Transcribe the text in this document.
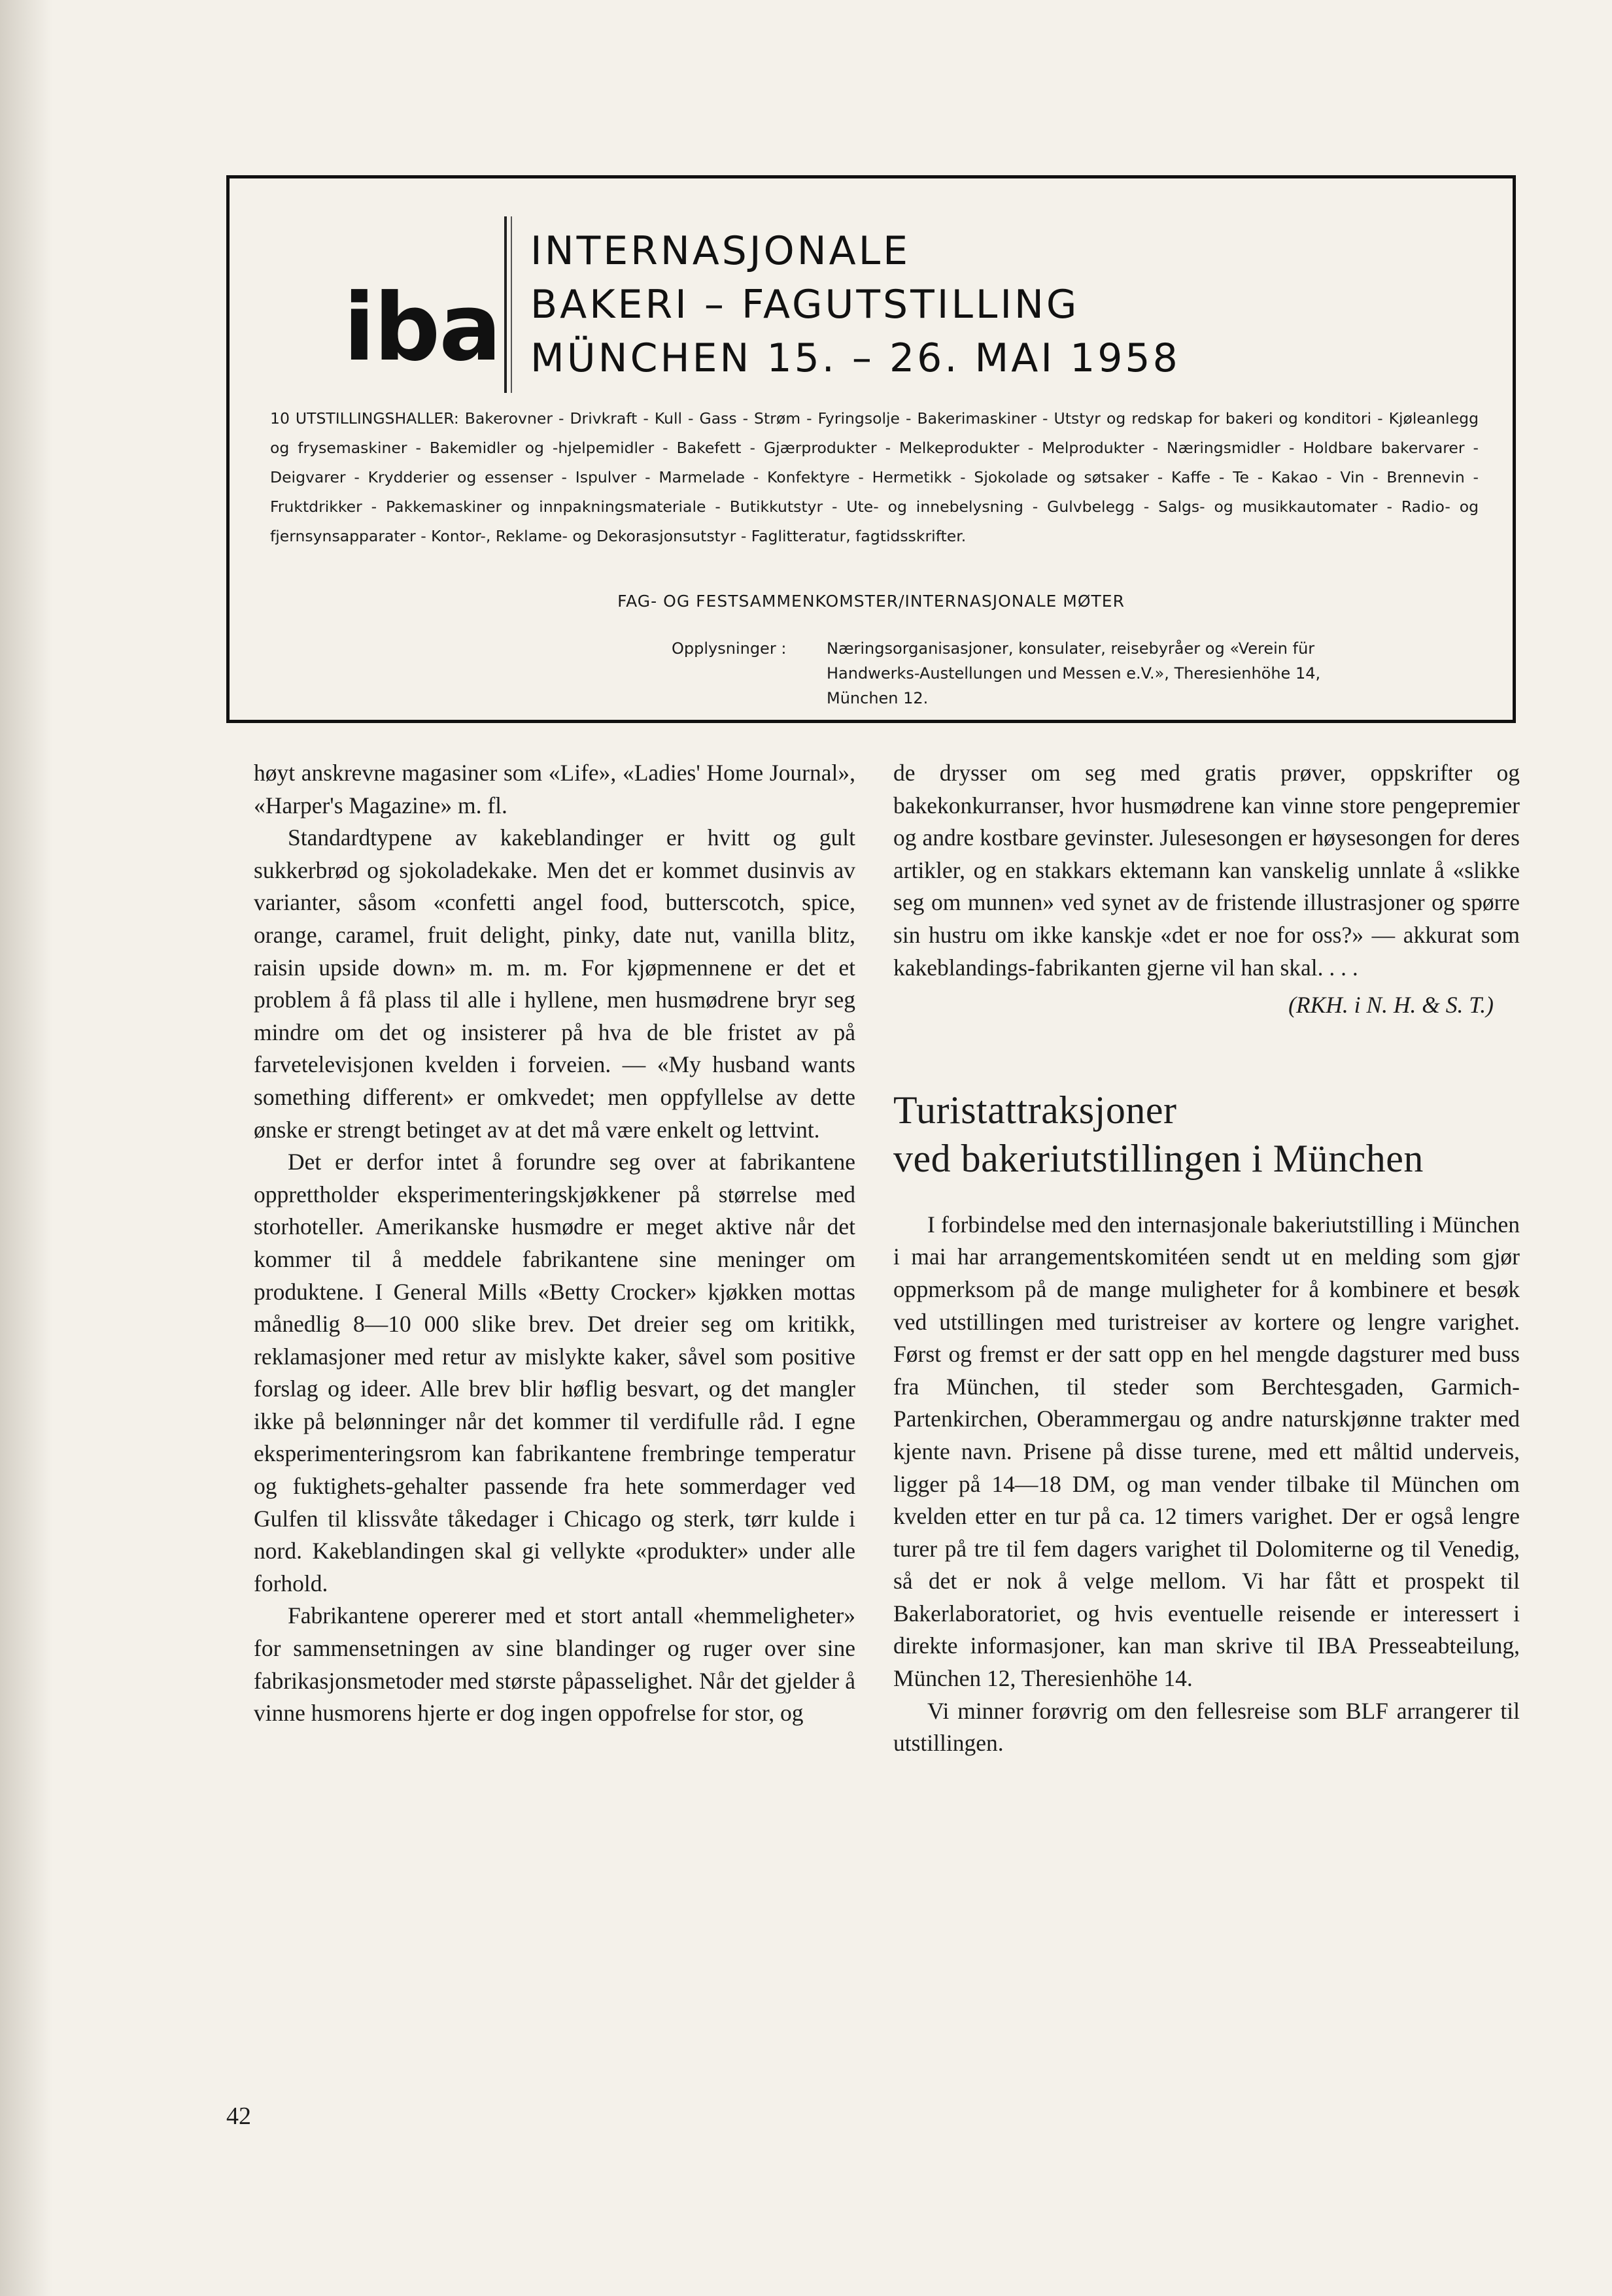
iba
INTERNASJONALE
BAKERI – FAGUTSTILLING
MÜNCHEN 15. – 26. MAI 1958
10 UTSTILLINGSHALLER: Bakerovner - Drivkraft - Kull - Gass - Strøm - Fyringsolje - Bakerimaskiner - Utstyr og redskap for bakeri og konditori - Kjøleanlegg og frysemaskiner - Bakemidler og -hjelpemidler - Bakefett - Gjærprodukter - Melkeprodukter - Melprodukter - Næringsmidler - Holdbare bakervarer - Deigvarer - Krydderier og essenser - Ispulver - Marmelade - Konfektyre - Hermetikk - Sjokolade og søtsaker - Kaffe - Te - Kakao - Vin - Brennevin - Fruktdrikker - Pakkemaskiner og innpakningsmateriale - Butikkutstyr - Ute- og innebelysning - Gulvbelegg - Salgs- og musikkautomater - Radio- og fjernsynsapparater - Kontor-, Reklame- og Dekorasjonsutstyr - Faglitteratur, fagtidsskrifter.
FAG- OG FESTSAMMENKOMSTER/INTERNASJONALE MØTER
Opplysninger :	Næringsorganisasjoner, konsulater, reisebyråer og «Verein für Handwerks-Austellungen und Messen e.V.», Theresienhöhe 14, München 12.

høyt anskrevne magasiner som «Life», «Ladies' Home Journal», «Harper's Magazine» m. fl.

Standardtypene av kakeblandinger er hvitt og gult sukkerbrød og sjokoladekake. Men det er kommet dusinvis av varianter, såsom «confetti angel food, butterscotch, spice, orange, caramel, fruit delight, pinky, date nut, vanilla blitz, raisin upside down» m. m. m. For kjøpmennene er det et problem å få plass til alle i hyllene, men husmødrene bryr seg mindre om det og insisterer på hva de ble fristet av på farvetelevisjonen kvelden i forveien. — «My husband wants something different» er omkvedet; men oppfyllelse av dette ønske er strengt betinget av at det må være enkelt og lettvint.

Det er derfor intet å forundre seg over at fabrikantene opprettholder eksperimenteringskjøkkener på størrelse med storhoteller. Amerikanske husmødre er meget aktive når det kommer til å meddele fabrikantene sine meninger om produktene. I General Mills «Betty Crocker» kjøkken mottas månedlig 8—10 000 slike brev. Det dreier seg om kritikk, reklamasjoner med retur av mislykte kaker, såvel som positive forslag og ideer. Alle brev blir høflig besvart, og det mangler ikke på belønninger når det kommer til verdifulle råd. I egne eksperimenteringsrom kan fabrikantene frembringe temperatur og fuktighets-gehalter passende fra hete sommerdager ved Gulfen til klissvåte tåkedager i Chicago og sterk, tørr kulde i nord. Kakeblandingen skal gi vellykte «produkter» under alle forhold.

Fabrikantene opererer med et stort antall «hemmeligheter» for sammensetningen av sine blandinger og ruger over sine fabrikasjonsmetoder med største påpasselighet. Når det gjelder å vinne husmorens hjerte er dog ingen oppofrelse for stor, og

de drysser om seg med gratis prøver, oppskrifter og bakekonkurranser, hvor husmødrene kan vinne store pengepremier og andre kostbare gevinster. Julesesongen er høysesongen for deres artikler, og en stakkars ektemann kan vanskelig unnlate å «slikke seg om munnen» ved synet av de fristende illustrasjoner og spørre sin hustru om ikke kanskje «det er noe for oss?» — akkurat som kakeblandings-fabrikanten gjerne vil han skal. . . .

(RKH. i N. H. & S. T.)

Turistattraksjoner
ved bakeriutstillingen i München

I forbindelse med den internasjonale bakeriutstilling i München i mai har arrangementskomitéen sendt ut en melding som gjør oppmerksom på de mange muligheter for å kombinere et besøk ved utstillingen med turistreiser av kortere og lengre varighet. Først og fremst er der satt opp en hel mengde dagsturer med buss fra München, til steder som Berchtesgaden, Garmich-Partenkirchen, Oberammergau og andre naturskjønne trakter med kjente navn. Prisene på disse turene, med ett måltid underveis, ligger på 14—18 DM, og man vender tilbake til München om kvelden etter en tur på ca. 12 timers varighet. Der er også lengre turer på tre til fem dagers varighet til Dolomiterne og til Venedig, så det er nok å velge mellom. Vi har fått et prospekt til Bakerlaboratoriet, og hvis eventuelle reisende er interessert i direkte informasjoner, kan man skrive til IBA Presseabteilung, München 12, Theresienhöhe 14.

Vi minner forøvrig om den fellesreise som BLF arrangerer til utstillingen.

42
